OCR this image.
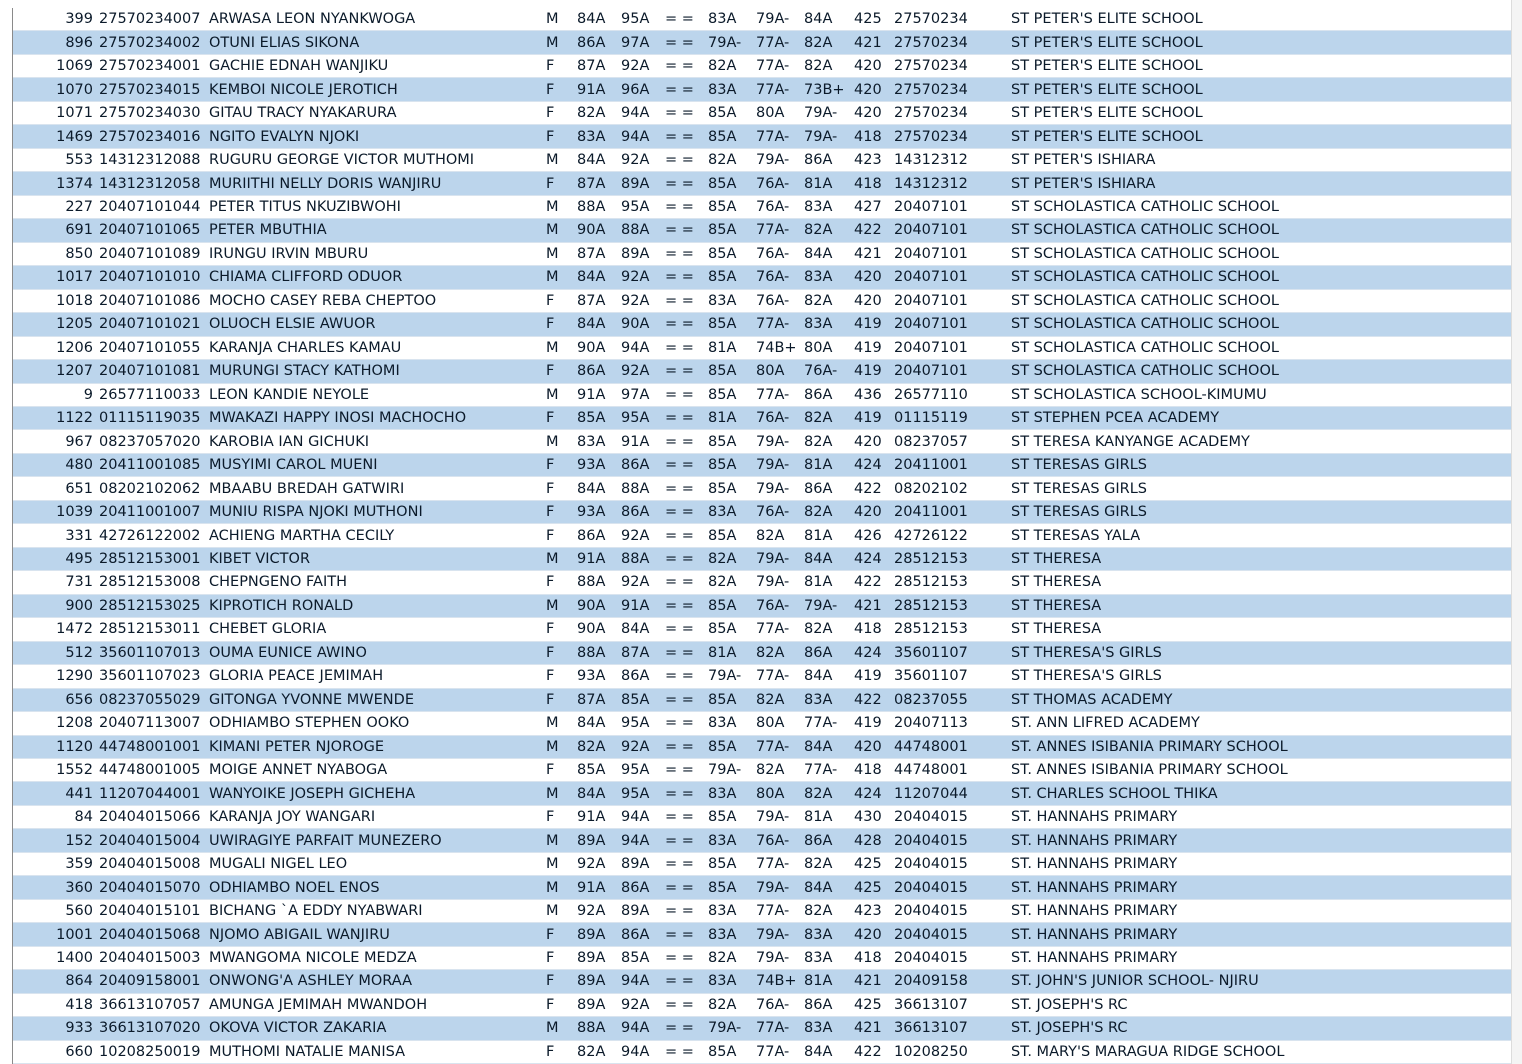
399	27570234007	ARWASA LEON NYANKWOGA	M	84A	95A	= =	83A	79A-	84A	425	27570234	ST PETER'S ELITE SCHOOL
896	27570234002	OTUNI ELIAS SIKONA	M	86A	97A	= =	79A-	77A-	82A	421	27570234	ST PETER'S ELITE SCHOOL
1069	27570234001	GACHIE EDNAH WANJIKU	F	87A	92A	= =	82A	77A-	82A	420	27570234	ST PETER'S ELITE SCHOOL
1070	27570234015	KEMBOI NICOLE JEROTICH	F	91A	96A	= =	83A	77A-	73B+	420	27570234	ST PETER'S ELITE SCHOOL
1071	27570234030	GITAU TRACY NYAKARURA	F	82A	94A	= =	85A	80A	79A-	420	27570234	ST PETER'S ELITE SCHOOL
1469	27570234016	NGITO EVALYN NJOKI	F	83A	94A	= =	85A	77A-	79A-	418	27570234	ST PETER'S ELITE SCHOOL
553	14312312088	RUGURU GEORGE VICTOR MUTHOMI	M	84A	92A	= =	82A	79A-	86A	423	14312312	ST PETER'S ISHIARA
1374	14312312058	MURIITHI NELLY DORIS WANJIRU	F	87A	89A	= =	85A	76A-	81A	418	14312312	ST PETER'S ISHIARA
227	20407101044	PETER TITUS NKUZIBWOHI	M	88A	95A	= =	85A	76A-	83A	427	20407101	ST SCHOLASTICA CATHOLIC SCHOOL
691	20407101065	PETER MBUTHIA	M	90A	88A	= =	85A	77A-	82A	422	20407101	ST SCHOLASTICA CATHOLIC SCHOOL
850	20407101089	IRUNGU IRVIN MBURU	M	87A	89A	= =	85A	76A-	84A	421	20407101	ST SCHOLASTICA CATHOLIC SCHOOL
1017	20407101010	CHIAMA CLIFFORD ODUOR	M	84A	92A	= =	85A	76A-	83A	420	20407101	ST SCHOLASTICA CATHOLIC SCHOOL
1018	20407101086	MOCHO CASEY REBA CHEPTOO	F	87A	92A	= =	83A	76A-	82A	420	20407101	ST SCHOLASTICA CATHOLIC SCHOOL
1205	20407101021	OLUOCH ELSIE AWUOR	F	84A	90A	= =	85A	77A-	83A	419	20407101	ST SCHOLASTICA CATHOLIC SCHOOL
1206	20407101055	KARANJA CHARLES KAMAU	M	90A	94A	= =	81A	74B+	80A	419	20407101	ST SCHOLASTICA CATHOLIC SCHOOL
1207	20407101081	MURUNGI STACY KATHOMI	F	86A	92A	= =	85A	80A	76A-	419	20407101	ST SCHOLASTICA CATHOLIC SCHOOL
9	26577110033	LEON KANDIE NEYOLE	M	91A	97A	= =	85A	77A-	86A	436	26577110	ST SCHOLASTICA SCHOOL-KIMUMU
1122	01115119035	MWAKAZI HAPPY INOSI MACHOCHO	F	85A	95A	= =	81A	76A-	82A	419	01115119	ST STEPHEN PCEA ACADEMY
967	08237057020	KAROBIA IAN GICHUKI	M	83A	91A	= =	85A	79A-	82A	420	08237057	ST TERESA KANYANGE ACADEMY
480	20411001085	MUSYIMI CAROL MUENI	F	93A	86A	= =	85A	79A-	81A	424	20411001	ST TERESAS GIRLS
651	08202102062	MBAABU BREDAH GATWIRI	F	84A	88A	= =	85A	79A-	86A	422	08202102	ST TERESAS GIRLS
1039	20411001007	MUNIU RISPA NJOKI MUTHONI	F	93A	86A	= =	83A	76A-	82A	420	20411001	ST TERESAS GIRLS
331	42726122002	ACHIENG MARTHA CECILY	F	86A	92A	= =	85A	82A	81A	426	42726122	ST TERESAS YALA
495	28512153001	KIBET VICTOR	M	91A	88A	= =	82A	79A-	84A	424	28512153	ST THERESA
731	28512153008	CHEPNGENO FAITH	F	88A	92A	= =	82A	79A-	81A	422	28512153	ST THERESA
900	28512153025	KIPROTICH RONALD	M	90A	91A	= =	85A	76A-	79A-	421	28512153	ST THERESA
1472	28512153011	CHEBET GLORIA	F	90A	84A	= =	85A	77A-	82A	418	28512153	ST THERESA
512	35601107013	OUMA EUNICE AWINO	F	88A	87A	= =	81A	82A	86A	424	35601107	ST THERESA'S GIRLS
1290	35601107023	GLORIA PEACE JEMIMAH	F	93A	86A	= =	79A-	77A-	84A	419	35601107	ST THERESA'S GIRLS
656	08237055029	GITONGA YVONNE MWENDE	F	87A	85A	= =	85A	82A	83A	422	08237055	ST THOMAS ACADEMY
1208	20407113007	ODHIAMBO STEPHEN OOKO	M	84A	95A	= =	83A	80A	77A-	419	20407113	ST. ANN LIFRED ACADEMY
1120	44748001001	KIMANI PETER NJOROGE	M	82A	92A	= =	85A	77A-	84A	420	44748001	ST. ANNES ISIBANIA PRIMARY SCHOOL
1552	44748001005	MOIGE ANNET NYABOGA	F	85A	95A	= =	79A-	82A	77A-	418	44748001	ST. ANNES ISIBANIA PRIMARY SCHOOL
441	11207044001	WANYOIKE JOSEPH GICHEHA	M	84A	95A	= =	83A	80A	82A	424	11207044	ST. CHARLES SCHOOL THIKA
84	20404015066	KARANJA JOY WANGARI	F	91A	94A	= =	85A	79A-	81A	430	20404015	ST. HANNAHS PRIMARY
152	20404015004	UWIRAGIYE PARFAIT MUNEZERO	M	89A	94A	= =	83A	76A-	86A	428	20404015	ST. HANNAHS PRIMARY
359	20404015008	MUGALI NIGEL LEO	M	92A	89A	= =	85A	77A-	82A	425	20404015	ST. HANNAHS PRIMARY
360	20404015070	ODHIAMBO NOEL ENOS	M	91A	86A	= =	85A	79A-	84A	425	20404015	ST. HANNAHS PRIMARY
560	20404015101	BICHANG `A EDDY NYABWARI	M	92A	89A	= =	83A	77A-	82A	423	20404015	ST. HANNAHS PRIMARY
1001	20404015068	NJOMO ABIGAIL WANJIRU	F	89A	86A	= =	83A	79A-	83A	420	20404015	ST. HANNAHS PRIMARY
1400	20404015003	MWANGOMA NICOLE MEDZA	F	89A	85A	= =	82A	79A-	83A	418	20404015	ST. HANNAHS PRIMARY
864	20409158001	ONWONG'A ASHLEY MORAA	F	89A	94A	= =	83A	74B+	81A	421	20409158	ST. JOHN'S JUNIOR SCHOOL- NJIRU
418	36613107057	AMUNGA JEMIMAH MWANDOH	F	89A	92A	= =	82A	76A-	86A	425	36613107	ST. JOSEPH'S RC
933	36613107020	OKOVA VICTOR ZAKARIA	M	88A	94A	= =	79A-	77A-	83A	421	36613107	ST. JOSEPH'S RC
660	10208250019	MUTHOMI NATALIE MANISA	F	82A	94A	= =	85A	77A-	84A	422	10208250	ST. MARY'S MARAGUA RIDGE SCHOOL
